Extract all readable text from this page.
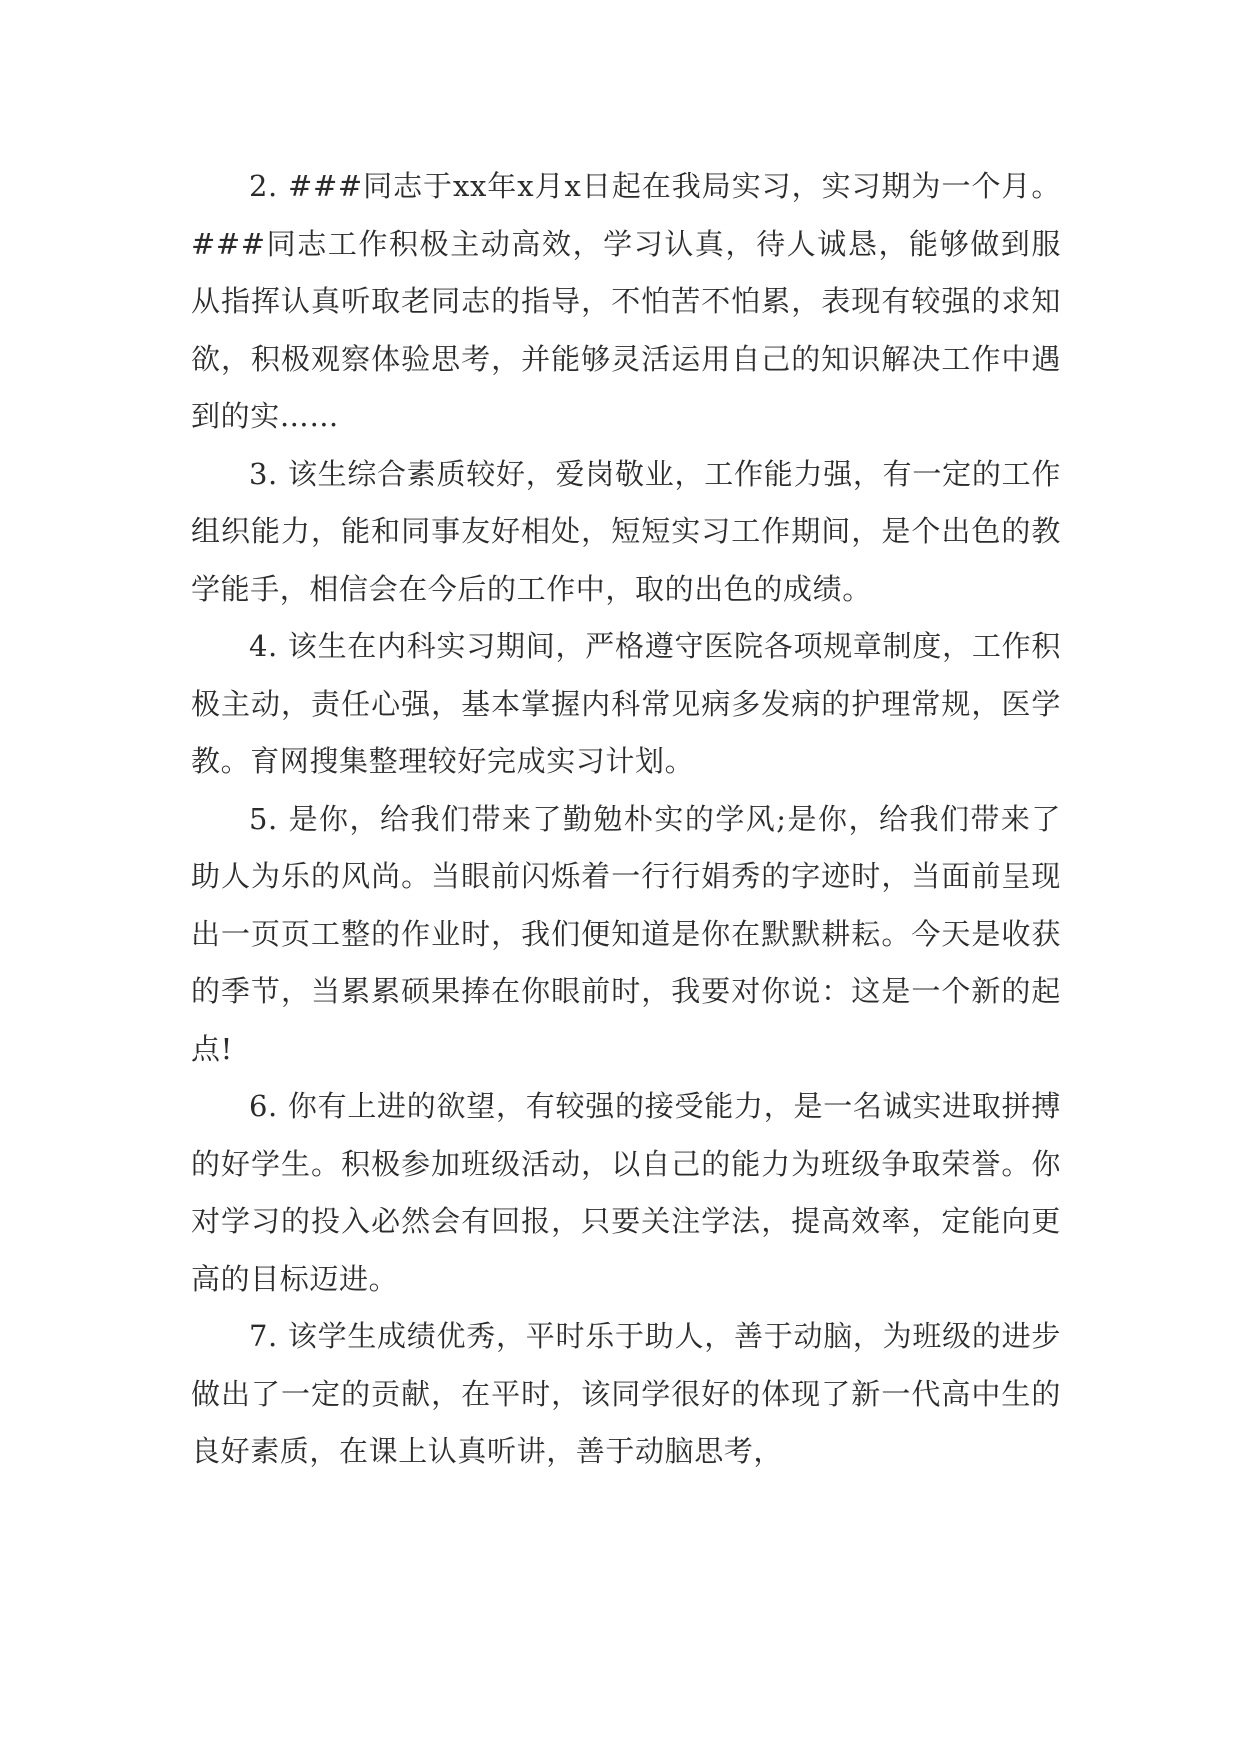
2. ###同志于xx年x月x日起在我局实习，实习期为一个月。###同志工作积极主动高效，学习认真，待人诚恳，能够做到服从指挥认真听取老同志的指导，不怕苦不怕累，表现有较强的求知欲，积极观察体验思考，并能够灵活运用自己的知识解决工作中遇到的实……

3. 该生综合素质较好，爱岗敬业，工作能力强，有一定的工作组织能力，能和同事友好相处，短短实习工作期间，是个出色的教学能手，相信会在今后的工作中，取的出色的成绩。

4. 该生在内科实习期间，严格遵守医院各项规章制度，工作积极主动，责任心强，基本掌握内科常见病多发病的护理常规，医学教。育网搜集整理较好完成实习计划。

5. 是你，给我们带来了勤勉朴实的学风;是你，给我们带来了助人为乐的风尚。当眼前闪烁着一行行娟秀的字迹时，当面前呈现出一页页工整的作业时，我们便知道是你在默默耕耘。今天是收获的季节，当累累硕果捧在你眼前时，我要对你说：这是一个新的起点!

6. 你有上进的欲望，有较强的接受能力，是一名诚实进取拼搏的好学生。积极参加班级活动，以自己的能力为班级争取荣誉。你对学习的投入必然会有回报，只要关注学法，提高效率，定能向更高的目标迈进。

7. 该学生成绩优秀，平时乐于助人，善于动脑，为班级的进步做出了一定的贡献，在平时，该同学很好的体现了新一代高中生的良好素质，在课上认真听讲，善于动脑思考，
